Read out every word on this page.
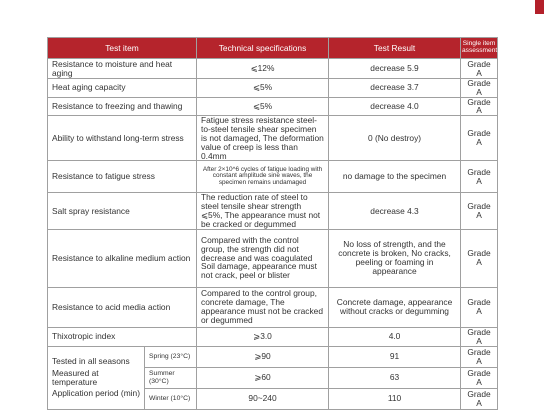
Test item		Technical specifications	Test Result	Single item
assessment

Resistance to moisture and heat aging		⩽12%	decrease 5.9	Grade A
Heat aging capacity		⩽5%	decrease 3.7	Grade A
Resistance to freezing and thawing		⩽5%	decrease 4.0	Grade A
Ability to withstand long-term stress		Fatigue stress resistance steel-to-steel tensile shear specimen is not damaged, The deformation value of creep is less than 0.4mm	0 (No destroy)	Grade A
Resistance to fatigue stress		After 2×10^6 cycles of fatigue loading with constant amplitude sine waves, the specimen remains undamaged	no damage to the specimen	Grade A
Salt spray resistance		The reduction rate of steel to steel tensile shear strength ⩽5%, The appearance must not be cracked or degummed	decrease 4.3	Grade A
Resistance to alkaline medium action		Compared with the control group, the strength did not decrease and was coagulated Soil damage, appearance must not crack, peel or blister	No loss of strength, and the concrete is broken, No cracks, peeling or foaming in appearance	Grade A
Resistance to acid media action		Compared to the control group, concrete damage, The appearance must not be cracked or degummed	Concrete damage, appearance without cracks or degumming	Grade A
Thixotropic index		⩾3.0	4.0	Grade A

Tested in all seasons
Measured at temperature
Application period (min)	Spring (23°C)	⩾90	91	Grade A
	Summer (30°C)	⩾60	63	Grade A
	Winter (10°C)	90~240	110	Grade A
